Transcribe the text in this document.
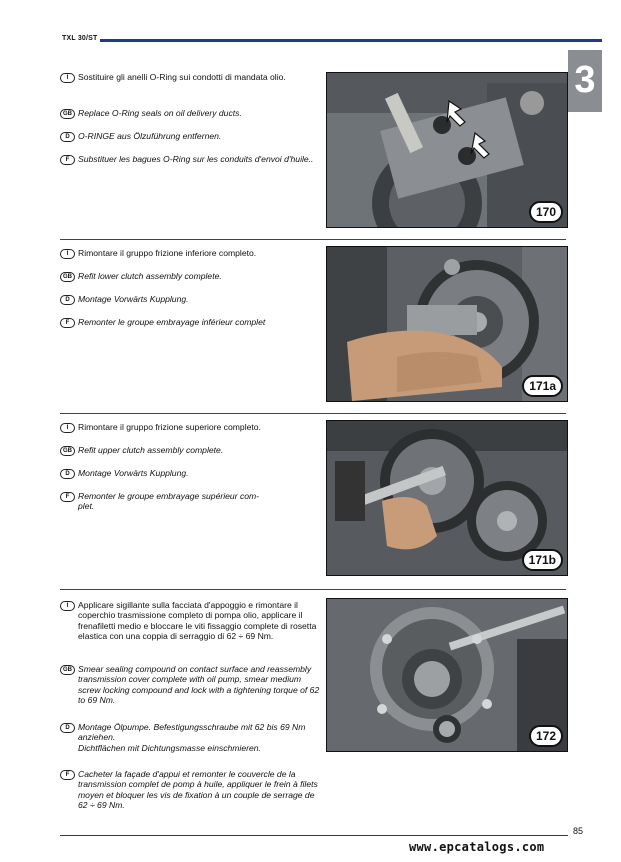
TXL 30/ST
3
I	Sostituire gli anelli O-Ring sui condotti di mandata olio.
GB Replace O-Ring seals on oil delivery ducts.
D O-RINGE aus Ölzuführung entfernen.
F	Substituer les bagues O-Ring sur les conduits d'envoi d'huile..
170
I	Rimontare il gruppo frizione inferiore completo.
GB Refit lower clutch assembly complete.
D Montage Vorwärts Kupplung.
F	Remonter le groupe embrayage inférieur complet
171a
I	Rimontare il gruppo frizione superiore completo.
GB Refit upper clutch assembly complete.
D Montage Vorwärts Kupplung.
F	Remonter le groupe embrayage supérieur com-
plet.
171b
I	Applicare sigillante sulla facciata d'appoggio e rimontare il coperchio trasmissione completo di pompa olio, applicare il frenafiletti medio e bloccare le viti fissaggio complete di rosetta elastica con una coppia di serraggio di 62 ÷ 69 Nm.
GB Smear sealing compound on contact surface and reassembly transmission cover complete with oil pump, smear medium screw locking compound and lock with a tightening torque of 62 to 69 Nm.
D Montage Ölpumpe. Befestigungsschraube mit 62 bis 69 Nm anziehen.
Dichtflächen mit Dichtungsmasse einschmieren.
F	Cacheter la façade d'appui et remonter le couvercle de la transmission complet de pomp à huile, appliquer le frein à filets moyen et bloquer les vis de fixation à un couple de serrage de 62 ÷ 69 Nm.
172
www.epcatalogs.com
85
